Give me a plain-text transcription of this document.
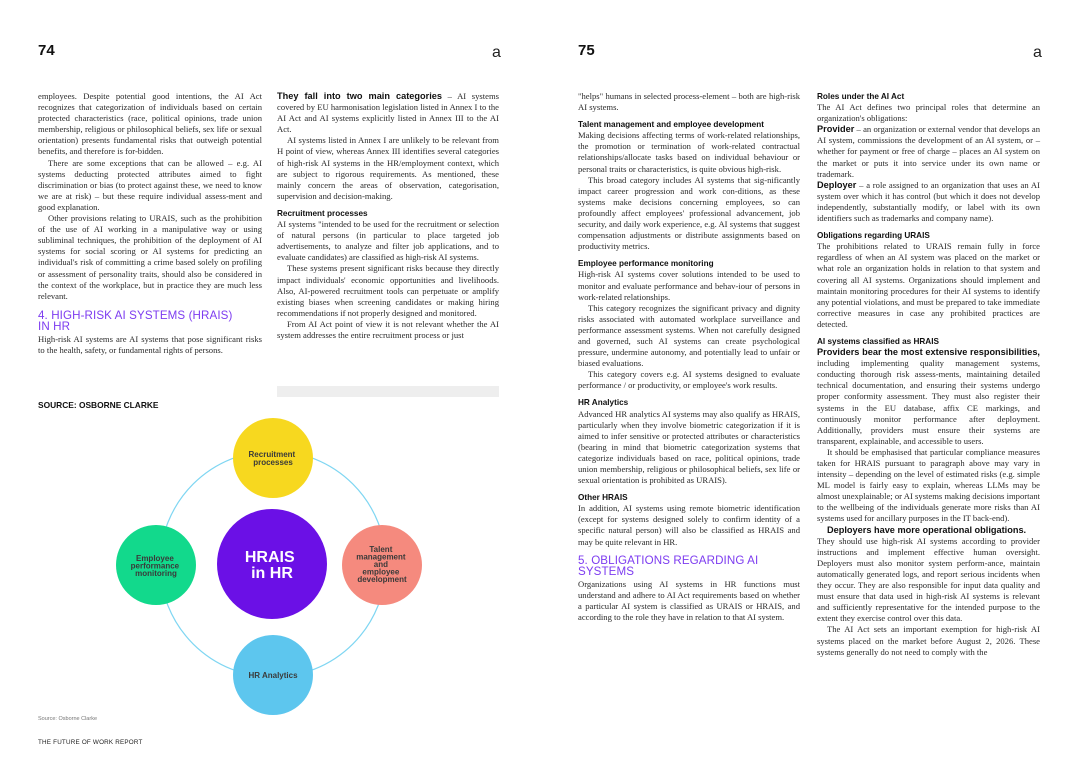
74	a	75	a

employees. Despite potential good intentions, the AI Act recognizes that categorization of individuals based on certain protected characteristics (race, political opinions, trade union membership, religious or philosophical beliefs, sex life or sexual orientation) presents fundamental risks that outweigh potential benefits, and therefore is for-bidden.

There are some exceptions that can be allowed – e.g. AI systems deducting protected attributes aimed to fight discrimination or bias (to protect against these, we need to know we are at risk) – but these require individual assess-ment and good explanation.

Other provisions relating to URAIS, such as the prohibition of the use of AI working in a manipulative way or using subliminal techniques, the prohibition of the deployment of AI systems for social scoring or AI systems for predicting an individual's risk of committing a crime based solely on profiling or assessment of personality traits, should also be considered in the context of the workplace, but in practice they are much less relevant.

4. HIGH-RISK AI SYSTEMS (HRAIS)
IN HR

High-risk AI systems are AI systems that pose significant risks to the health, safety, or fundamental rights of persons.

They fall into two main categories – AI systems covered by EU harmonisation legislation listed in Annex I to the AI Act and AI systems explicitly listed in Annex III to the AI Act.

AI systems listed in Annex I are unlikely to be relevant from H point of view, whereas Annex III identifies several categories of high-risk AI systems in the HR/employment context, which are subject to rigorous requirements. As mentioned, these mainly concern the areas of observation, categorisation, supervision and decision-making.

Recruitment processes

AI systems "intended to be used for the recruitment or selection of natural persons (in particular to place targeted job advertisements, to analyze and filter job applications, and to evaluate candidates) are classified as high-risk AI systems.

These systems present significant risks because they directly impact individuals' economic opportunities and livelihoods. Also, AI-powered recruitment tools can perpetuate or amplify existing biases when screening candidates or making hiring recommendations if not properly designed and monitored.

From AI Act point of view it is not relevant whether the AI system addresses the entire recruitment process or just

SOURCE: OSBORNE CLARKE
Recruitment processes
Talent management and employee development
HR Analytics
Employee performance monitoring
HRAIS in HR
Source: Osborne Clarke
THE FUTURE OF WORK REPORT

"helps" humans in selected process-element – both are high-risk AI systems.

Talent management and employee development

Making decisions affecting terms of work-related relationships, the promotion or termination of work-related contractual relationships/allocate tasks based on individual behaviour or personal traits or characteristics, is quite obvious high-risk.

This broad category includes AI systems that sig-nificantly impact career progression and work con-ditions, as these systems make decisions concerning employees, so can profoundly affect employees' professional advancement, job security, and daily work experience, e.g. AI systems that suggest compensation adjustments or distribute assignments based on productivity metrics.

Employee performance monitoring

High-risk AI systems cover solutions intended to be used to monitor and evaluate performance and behav-iour of persons in work-related relationships.

This category recognizes the significant privacy and dignity risks associated with automated workplace surveillance and performance assessment systems. When not carefully designed and governed, such AI systems can create psychological pressure, undermine autonomy, and potentially lead to unfair or biased evaluations.

This category covers e.g. AI systems designed to evaluate performance / or productivity, or employee's work results.

HR Analytics

Advanced HR analytics AI systems may also qualify as HRAIS, particularly when they involve biometric categorization if it is aimed to infer sensitive or protected attributes or characteristics (bearing in mind that biometric categorization systems that categorize individuals based on race, political opinions, trade union membership, religious or philosophical beliefs, sex life or sexual orientation is prohibited as URAIS).

Other HRAIS

In addition, AI systems using remote biometric identification (except for systems designed solely to confirm identity of a specific natural person) will also be classified as HRAIS and may be quite relevant in HR.

5. OBLIGATIONS REGARDING AI
SYSTEMS

Organizations using AI systems in HR functions must understand and adhere to AI Act requirements based on whether a particular AI system is classified as URAIS or HRAIS, and according to the role they have in relation to that AI system.

Roles under the AI Act

The AI Act defines two principal roles that determine an organization's obligations:

Provider – an organization or external vendor that develops an AI system, commissions the development of an AI system, or – whether for payment or free of charge – places an AI system on the market or puts it into service under its own name or trademark.

Deployer – a role assigned to an organization that uses an AI system over which it has control (but which it does not develop independently, substantially modify, or label with its own identifiers such as trademarks and company name).

Obligations regarding URAIS

The prohibitions related to URAIS remain fully in force regardless of when an AI system was placed on the market or what role an organization holds in relation to that system and covering all AI systems. Organizations should implement and maintain monitoring procedures for their AI systems to identify any potential violations, and must be prepared to take immediate corrective measures in case any prohibited practices are detected.

AI systems classified as HRAIS

Providers bear the most extensive responsibilities, including implementing quality management systems, conducting thorough risk assess-ments, maintaining detailed technical documentation, and ensuring their systems undergo proper conformity assessment. They must also register their systems in the EU database, affix CE markings, and continuously monitor performance after deployment. Additionally, providers must ensure their systems are transparent, explainable, and accessible to users.

It should be emphasised that particular compliance measures taken for HRAIS pursuant to paragraph above may vary in intensity – depending on the level of estimated risks (e.g. simple ML model is fairly easy to explain, whereas LLMs may be almost unexplainable; or AI systems making decisions important to the wellbeing of the individuals generate more risks than AI systems used for ancillary purposes in the IT back-end).

Deployers have more operational obligations.

They should use high-risk AI systems according to provider instructions and implement effective human oversight. Deployers must also monitor system perform-ance, maintain automatically generated logs, and report serious incidents when they occur. They are also responsible for input data quality and must ensure that data used in high-risk AI systems is relevant and sufficiently representative for the intended purpose to the extent they exercise control over this data.

The AI Act sets an important exemption for high-risk AI systems placed on the market before August 2, 2026. These systems generally do not need to comply with the
